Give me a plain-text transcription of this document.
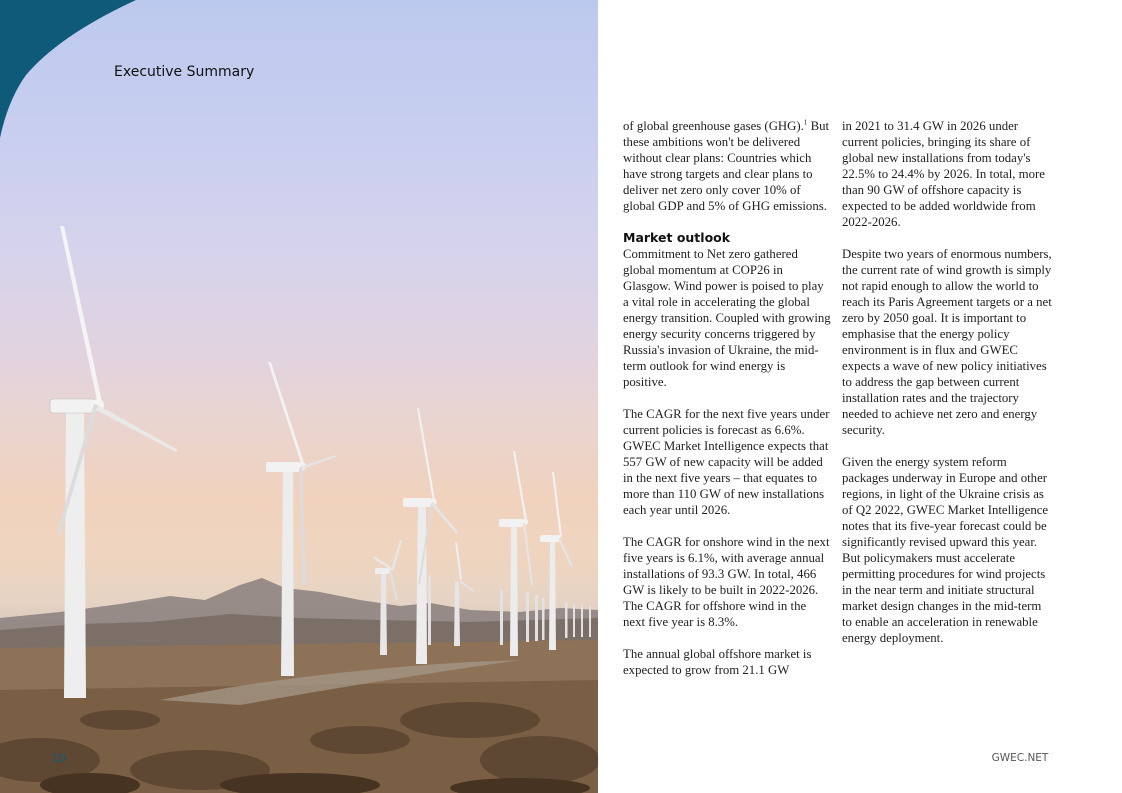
Executive Summary

of global greenhouse gases (GHG).$^1$ But these ambitions won't be delivered without clear plans: Countries which have strong targets and clear plans to deliver net zero only cover 10% of global GDP and 5% of GHG emissions.

Market outlook
Commitment to Net zero gathered global momentum at COP26 in Glasgow. Wind power is poised to play a vital role in accelerating the global energy transition. Coupled with growing energy security concerns triggered by Russia's invasion of Ukraine, the mid-term outlook for wind energy is positive.

The CAGR for the next five years under current policies is forecast as 6.6%. GWEC Market Intelligence expects that 557 GW of new capacity will be added in the next five years – that equates to more than 110 GW of new installations each year until 2026.

The CAGR for onshore wind in the next five years is 6.1%, with average annual installations of 93.3 GW. In total, 466 GW is likely to be built in 2022-2026. The CAGR for offshore wind in the next five year is 8.3%.

The annual global offshore market is expected to grow from 21.1 GW

in 2021 to 31.4 GW in 2026 under current policies, bringing its share of global new installations from today's 22.5% to 24.4% by 2026. In total, more than 90 GW of offshore capacity is expected to be added worldwide from 2022-2026.

Despite two years of enormous numbers, the current rate of wind growth is simply not rapid enough to allow the world to reach its Paris Agreement targets or a net zero by 2050 goal. It is important to emphasise that the energy policy environment is in flux and GWEC expects a wave of new policy initiatives to address the gap between current installation rates and the trajectory needed to achieve net zero and energy security.

Given the energy system reform packages underway in Europe and other regions, in light of the Ukraine crisis as of Q2 2022, GWEC Market Intelligence notes that its five-year forecast could be significantly revised upward this year. But policymakers must accelerate permitting procedures for wind projects in the near term and initiate structural market design changes in the mid-term to enable an acceleration in renewable energy deployment.

10	GWEC.NET
